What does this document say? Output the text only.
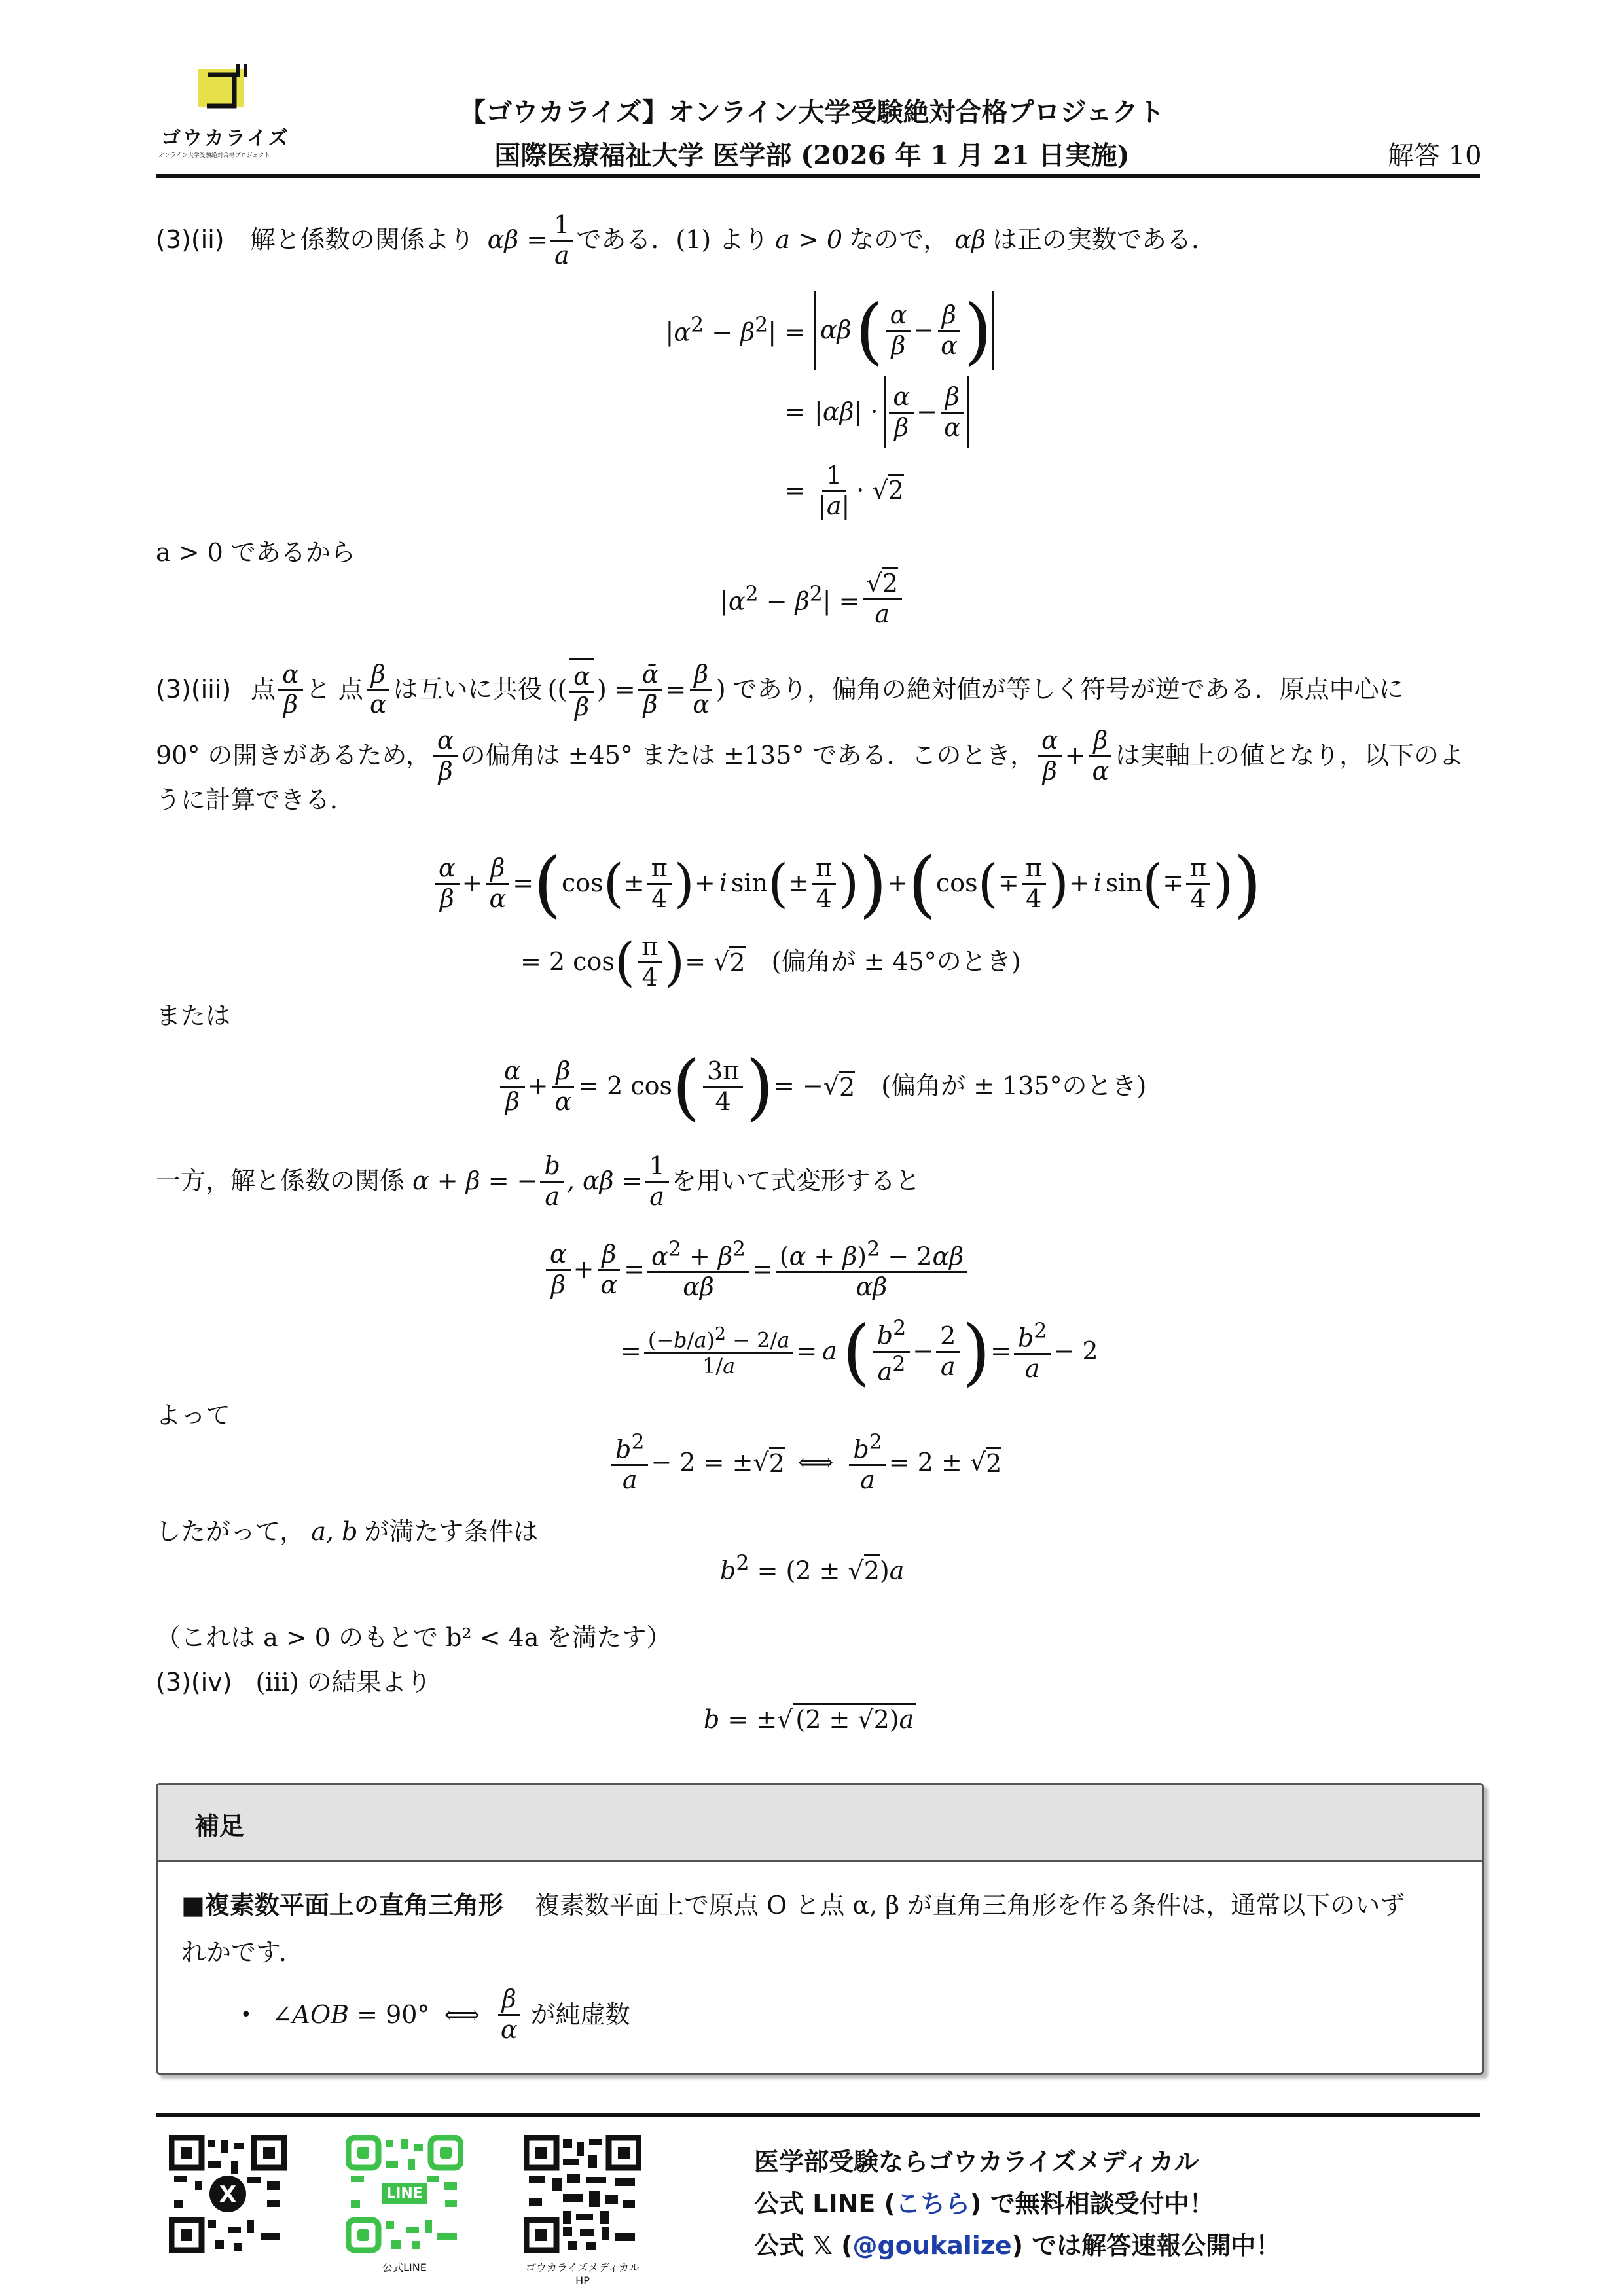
ゴウカライズ
オンライン大学受験絶対合格プロジェクト
【ゴウカライズ】オンライン大学受験絶対合格プロジェクト
国際医療福祉大学 医学部 (2026 年 1 月 21 日実施)	解答 10
(3)(ii) 解と係数の関係より $\alpha\beta = \frac{1}{a}$ である．(1) より a > 0 なので， αβ は正の実数である．
$|\alpha^2 - \beta^2| = \alpha\beta$ ( $\frac{\alpha}{\beta} - \frac{\beta}{\alpha}$ )
= $|\alpha\beta| \cdot \frac{\alpha}{\beta} - \frac{\beta}{\alpha}$
= $\frac{1}{|a|} \cdot √2$
a > 0 であるから
$|\alpha^2 - \beta^2| = \frac{√2}{a}$
(3)(iii) 点 $\frac{\alpha}{\beta}$ と 点 $\frac{\beta}{\alpha}$ は互いに共役 (( $\frac{\alpha}{\beta}$ ) = $\frac{\text{ᾱ}}{\betā} = \frac{\beta}{\alpha}$ ) であり，偏角の絶対値が等しく符号が逆である．原点中心に
90° の開きがあるため， $\frac{\alpha}{\beta}$ の偏角は ±45° または ±135° である．このとき， $\frac{\alpha}{\beta} + \frac{\beta}{\alpha}$ は実軸上の値となり，以下のよ
うに計算できる．
$\frac{\alpha}{\beta} + \frac{\beta}{\alpha}$ = ( cos ( ± $\frac{\pi}{4}$ ) + i sin ( ± $\frac{\pi}{4}$ ) ) + ( cos ( ∓ $\frac{\pi}{4}$ ) + i sin ( ∓ $\frac{\pi}{4}$ ) )
= 2 cos ( $\frac{\pi}{4}$ ) = √ 2 (偏角が ± 45°のとき)
または
$\frac{\alpha}{\beta} + \frac{\beta}{\alpha} = 2$ cos ( $\frac{3\pi}{4}$ ) = −√ 2 (偏角が ± 135°のとき)
一方，解と係数の関係 α + β = − $\frac{b}{a}$ , $\alpha\beta = \frac{1}{a}$ を用いて式変形すると
$\frac{\alpha}{\beta} + \frac{\beta}{\alpha} = \frac{\alpha^2 + \beta^2}{\alpha\beta} = \frac{(\alpha + \beta)^2 - 2\alpha\beta}{\alpha\beta}$
= $\frac{(-b/a)^2 - 2/a}{1/a} = a$ ( $\frac{b^2}{a^2} - \frac{2}{a}$ ) = $\frac{b^2}{a} - 2$
よって
$\frac{b^2}{a} - 2$ = ±√ 2 ⟺ $\frac{b^2}{a} = 2$ ± √ 2
したがって， a, b が満たす条件は
$b^2 = (2 \pm √2)a$
（これは a > 0 のもとで b² < 4a を満たす）
(3)(iv) (iii) の結果より
b = ±√ (2 ± √2)a
補足
■複素数平面上の直角三角形 複素数平面上で原点 O と点 α, β が直角三角形を作る条件は，通常以下のいず
れかです．
• ∠AOB = 90° ⟺ $\frac{\beta}{\alpha}$ が純虚数
X	LINE
公式LINE	ゴウカライズメディカル HP
医学部受験ならゴウカライズメディカル
公式 LINE (こちら) で無料相談受付中！
公式 𝕏 (@goukalize) では解答速報公開中！
